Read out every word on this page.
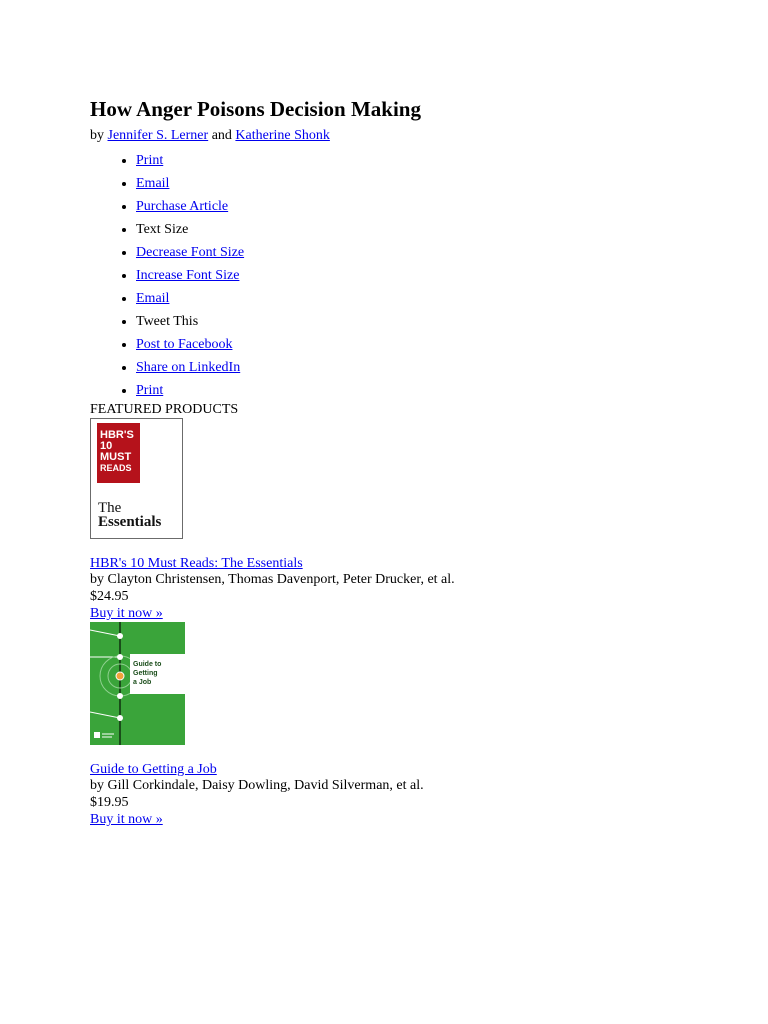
How Anger Poisons Decision Making
by Jennifer S. Lerner and Katherine Shonk
• Print
• Email
• Purchase Article
• Text Size
• Decrease Font Size
• Increase Font Size
• Email
• Tweet This
• Post to Facebook
• Share on LinkedIn
• Print
FEATURED PRODUCTS
HBR'S
10
MUST
READS
The
Essentials
HBR's 10 Must Reads: The Essentials
by Clayton Christensen, Thomas Davenport, Peter Drucker, et al.
$24.95
Buy it now »
Guide to
Getting
a Job
Guide to Getting a Job
by Gill Corkindale, Daisy Dowling, David Silverman, et al.
$19.95
Buy it now »
